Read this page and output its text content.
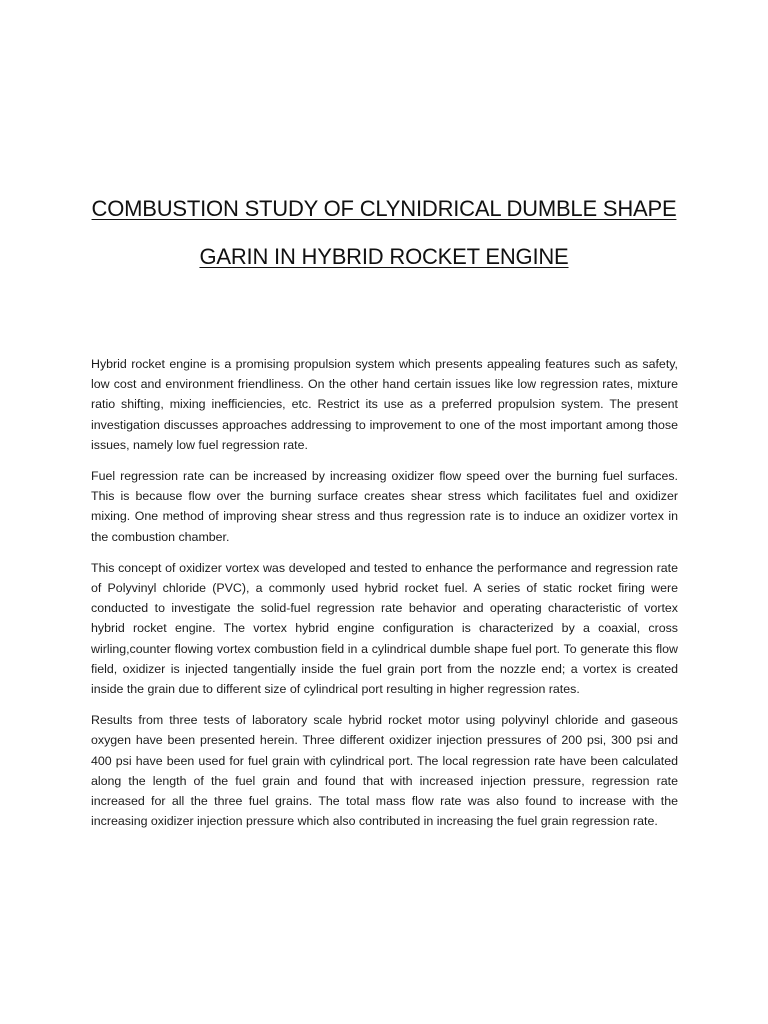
COMBUSTION STUDY OF CLYNIDRICAL DUMBLE SHAPE
GARIN IN HYBRID ROCKET ENGINE

Hybrid rocket engine is a promising propulsion system which presents appealing features such as safety, low cost and environment friendliness. On the other hand certain issues like low regression rates, mixture ratio shifting, mixing inefficiencies, etc. Restrict its use as a preferred propulsion system. The present investigation discusses approaches addressing to improvement to one of the most important among those issues, namely low fuel regression rate.

Fuel regression rate can be increased by increasing oxidizer flow speed over the burning fuel surfaces. This is because flow over the burning surface creates shear stress which facilitates fuel and oxidizer mixing. One method of improving shear stress and thus regression rate is to induce an oxidizer vortex in the combustion chamber.

This concept of oxidizer vortex was developed and tested to enhance the performance and regression rate of Polyvinyl chloride (PVC), a commonly used hybrid rocket fuel. A series of static rocket firing were conducted to investigate the solid-fuel regression rate behavior and operating characteristic of vortex hybrid rocket engine. The vortex hybrid engine configuration is characterized by a coaxial, cross wirling,counter flowing vortex combustion field in a cylindrical dumble shape fuel port. To generate this flow field, oxidizer is injected tangentially inside the fuel grain port from the nozzle end; a vortex is created inside the grain due to different size of cylindrical port resulting in higher regression rates.

Results from three tests of laboratory scale hybrid rocket motor using polyvinyl chloride and gaseous oxygen have been presented herein. Three different oxidizer injection pressures of 200 psi, 300 psi and 400 psi have been used for fuel grain with cylindrical port. The local regression rate have been calculated along the length of the fuel grain and found that with increased injection pressure, regression rate increased for all the three fuel grains. The total mass flow rate was also found to increase with the increasing oxidizer injection pressure which also contributed in increasing the fuel grain regression rate.
